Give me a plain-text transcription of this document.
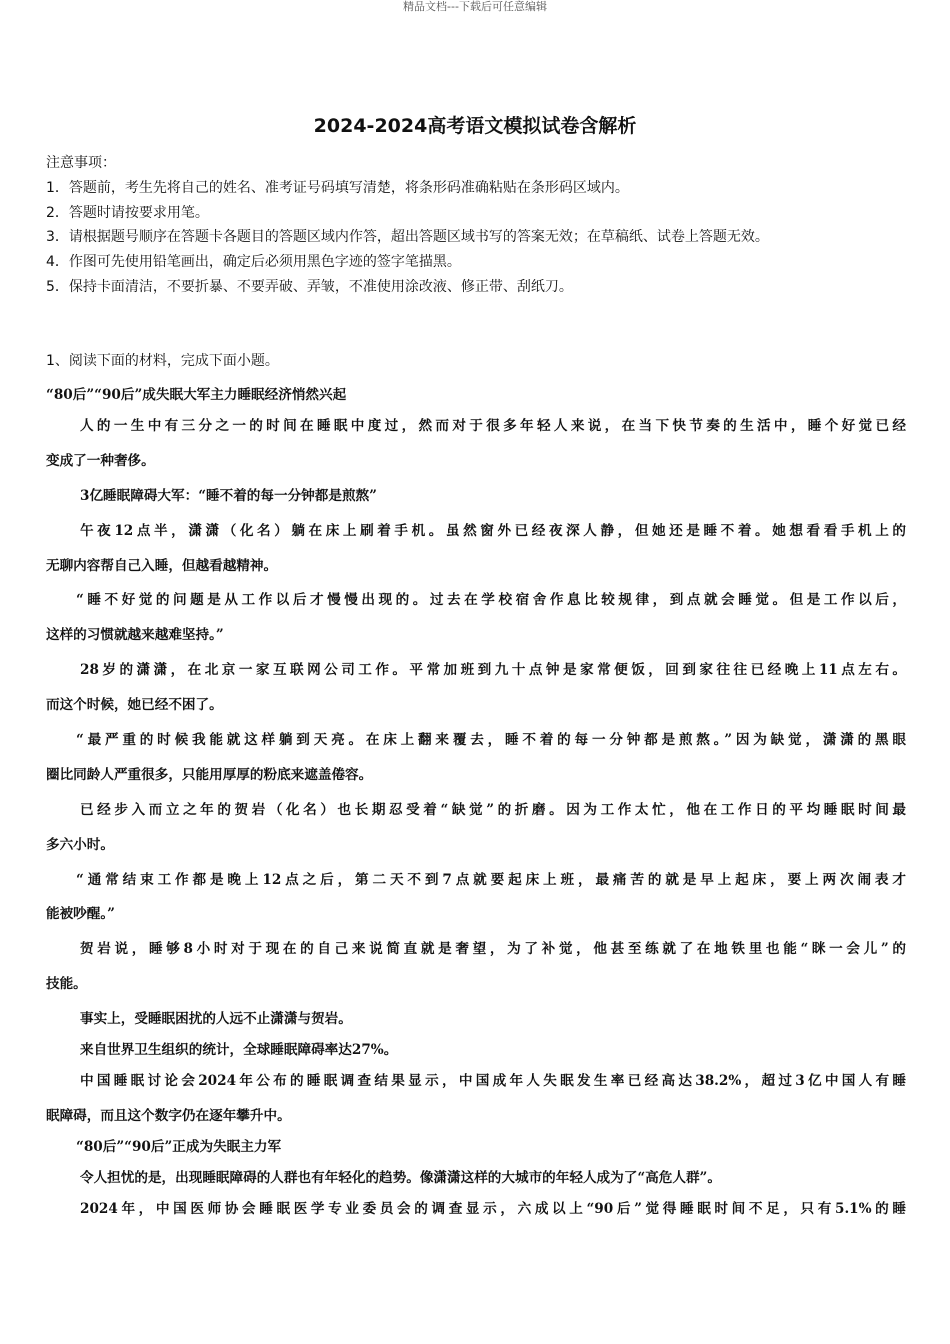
精品文档---下载后可任意编辑
2024-2024高考语文模拟试卷含解析
注意事项：
1．答题前，考生先将自己的姓名、准考证号码填写清楚，将条形码准确粘贴在条形码区域内。
2．答题时请按要求用笔。
3．请根据题号顺序在答题卡各题目的答题区域内作答，超出答题区域书写的答案无效；在草稿纸、试卷上答题无效。
4．作图可先使用铅笔画出，确定后必须用黑色字迹的签字笔描黑。
5．保持卡面清洁，不要折暴、不要弄破、弄皱，不准使用涂改液、修正带、刮纸刀。
1、阅读下面的材料，完成下面小题。
“80后”“90后”成失眠大军主力睡眠经济悄然兴起
人的一生中有三分之一的时间在睡眠中度过，然而对于很多年轻人来说，在当下快节奏的生活中，睡个好觉已经
变成了一种奢侈。
3亿睡眠障碍大军：“睡不着的每一分钟都是煎熬”
午夜12点半，潇潇（化名）躺在床上刷着手机。虽然窗外已经夜深人静，但她还是睡不着。她想看看手机上的
无聊内容帮自己入睡，但越看越精神。
“睡不好觉的问题是从工作以后才慢慢出现的。过去在学校宿舍作息比较规律，到点就会睡觉。但是工作以后，
这样的习惯就越来越难坚持。”
28岁的潇潇，在北京一家互联网公司工作。平常加班到九十点钟是家常便饭，回到家往往已经晚上11点左右。
而这个时候，她已经不困了。
“最严重的时候我能就这样躺到天亮。在床上翻来覆去，睡不着的每一分钟都是煎熬。”因为缺觉，潇潇的黑眼
圈比同龄人严重很多，只能用厚厚的粉底来遮盖倦容。
已经步入而立之年的贺岩（化名）也长期忍受着“缺觉”的折磨。因为工作太忙，他在工作日的平均睡眠时间最
多六小时。
“通常结束工作都是晚上12点之后，第二天不到7点就要起床上班，最痛苦的就是早上起床，要上两次闹表才
能被吵醒。”
贺岩说，睡够8小时对于现在的自己来说简直就是奢望，为了补觉，他甚至练就了在地铁里也能“眯一会儿”的
技能。
事实上，受睡眠困扰的人远不止潇潇与贺岩。
来自世界卫生组织的统计，全球睡眠障碍率达27%。
中国睡眠讨论会2024年公布的睡眠调查结果显示，中国成年人失眠发生率已经高达38.2%，超过3亿中国人有睡
眠障碍，而且这个数字仍在逐年攀升中。
“80后”“90后”正成为失眠主力军
令人担忧的是，出现睡眠障碍的人群也有年轻化的趋势。像潇潇这样的大城市的年轻人成为了“高危人群”。
2024年，中国医师协会睡眠医学专业委员会的调查显示，六成以上“90后”觉得睡眠时间不足，只有5.1%的睡
